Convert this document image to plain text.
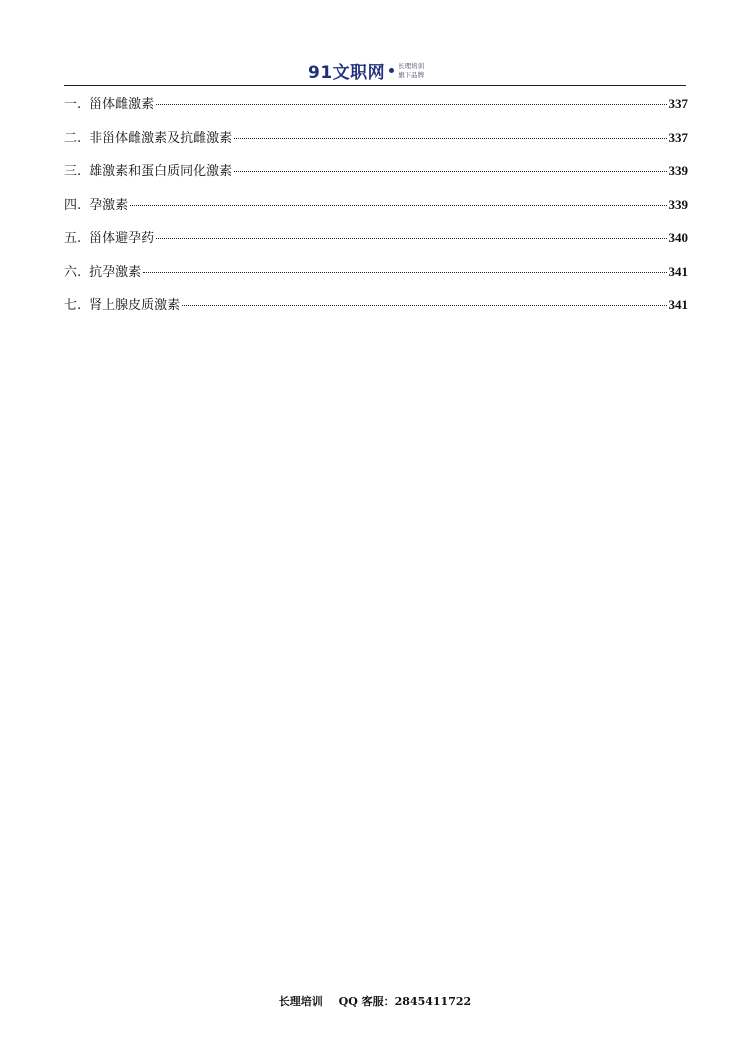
91文职网 长理培训
旗下品牌
一. 甾体雌激素	337
二. 非甾体雌激素及抗雌激素	337
三. 雄激素和蛋白质同化激素	339
四. 孕激素	339
五. 甾体避孕药	340
六. 抗孕激素	341
七. 肾上腺皮质激素	341
长理培训 QQ 客服：2845411722
